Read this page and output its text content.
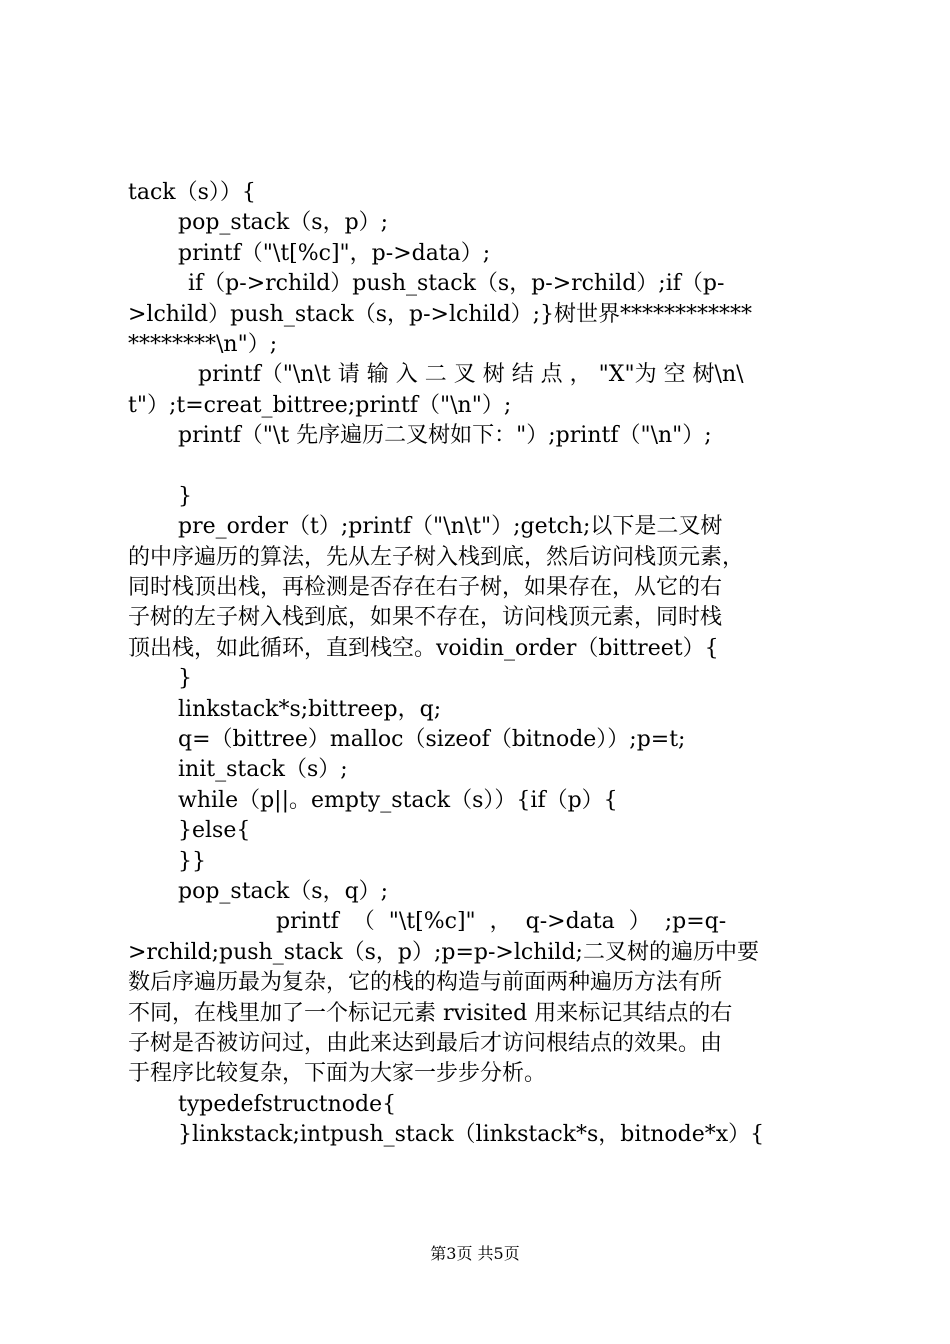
tack（s））{
pop_stack（s，p）;
printf（"\t[%c]"，p->data）;
if（p->rchild）push_stack（s，p->rchild）;if（p-
>lchild）push_stack（s，p->lchild）;}树世界************
********\n"）;
printf（"\n\t 请 输 入 二 叉 树 结 点 ， "X"为 空 树\n\
t"）;t=creat_bittree;printf（"\n"）;
printf（"\t 先序遍历二叉树如下："）;printf（"\n"）;
}
pre_order（t）;printf（"\n\t"）;getch;以下是二叉树
的中序遍历的算法，先从左子树入栈到底，然后访问栈顶元素，
同时栈顶出栈，再检测是否存在右子树，如果存在，从它的右
子树的左子树入栈到底，如果不存在，访问栈顶元素，同时栈
顶出栈，如此循环，直到栈空。voidin_order（bittreet）{
}
linkstack*s;bittreep，q;
q=（bittree）malloc（sizeof（bitnode））;p=t;
init_stack（s）;
while（p||。empty_stack（s））{if（p）{
}else{
}}
pop_stack（s，q）;
printf  （  "\t[%c]"  ，  q->data  ）  ;p=q-
>rchild;push_stack（s，p）;p=p->lchild;二叉树的遍历中要
数后序遍历最为复杂，它的栈的构造与前面两种遍历方法有所
不同，在栈里加了一个标记元素 rvisited 用来标记其结点的右
子树是否被访问过，由此来达到最后才访问根结点的效果。由
于程序比较复杂，下面为大家一步步分析。
typedefstructnode{
}linkstack;intpush_stack（linkstack*s，bitnode*x）{
第3页 共5页
